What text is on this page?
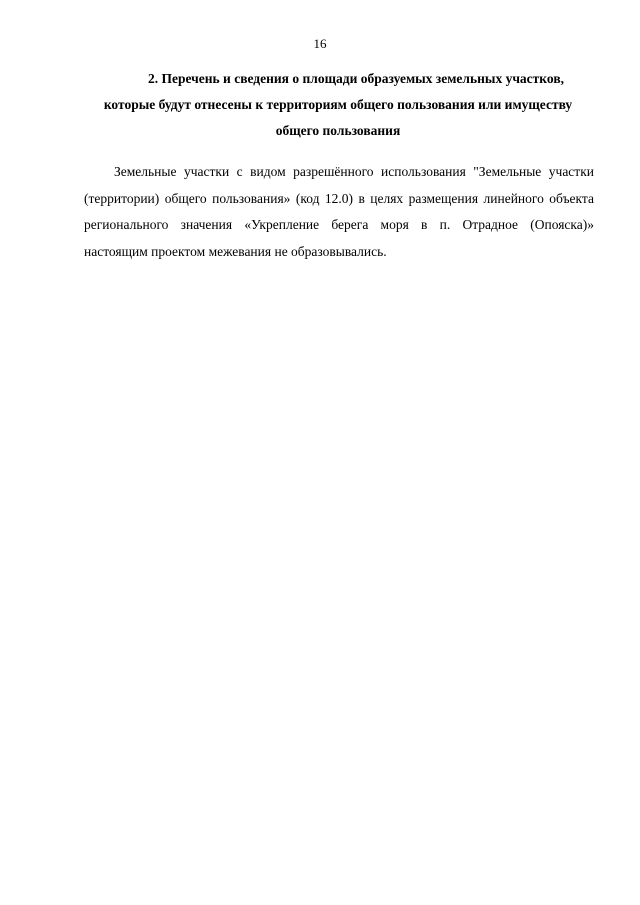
16
2. Перечень и сведения о площади образуемых земельных участков,
которые будут отнесены к территориям общего пользования или имуществу
общего пользования
Земельные участки с видом разрешённого использования "Земельные участки
(территории) общего пользования» (код 12.0) в целях размещения линейного объекта
регионального значения «Укрепление берега моря в п. Отрадное (Опояска)»
настоящим проектом межевания не образовывались.
